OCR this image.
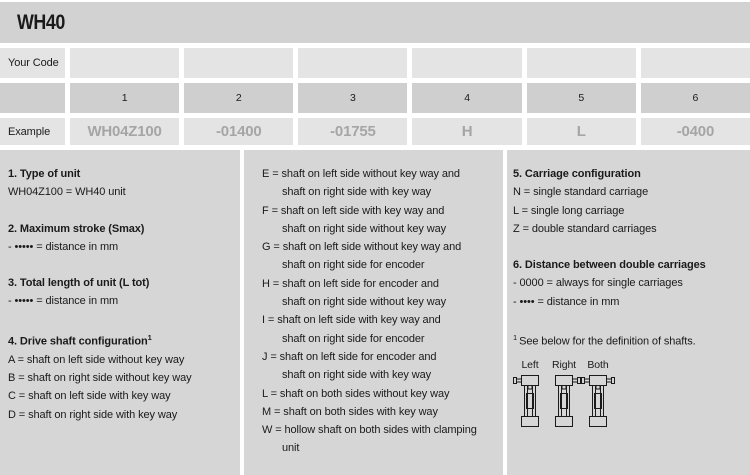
WH40
Your Code
1	2	3	4	5	6
Example	WH04Z100	-01400	-01755	H	L	-0400
1. Type of unit
WH04Z100 = WH40 unit
2. Maximum stroke (Smax)
- ••••• = distance in mm
3. Total length of unit (L tot)
- ••••• = distance in mm
4. Drive shaft configuration$^1$
A = shaft on left side without key way
B = shaft on right side without key way
C = shaft on left side with key way
D = shaft on right side with key way
E = shaft on left side without key way and
shaft on right side with key way
F = shaft on left side with key way and
shaft on right side without key way
G = shaft on left side without key way and
shaft on right side for encoder
H = shaft on left side for encoder and
shaft on right side without key way
I = shaft on left side with key way and
shaft on right side for encoder
J = shaft on left side for encoder and
shaft on right side with key way
L = shaft on both sides without key way
M = shaft on both sides with key way
W = hollow shaft on both sides with clamping
unit
5. Carriage configuration
N = single standard carriage
L = single long carriage
Z = double standard carriages
6. Distance between double carriages
- 0000 = always for single carriages
- •••• = distance in mm
$^1$ See below for the definition of shafts.
Left Right Both
